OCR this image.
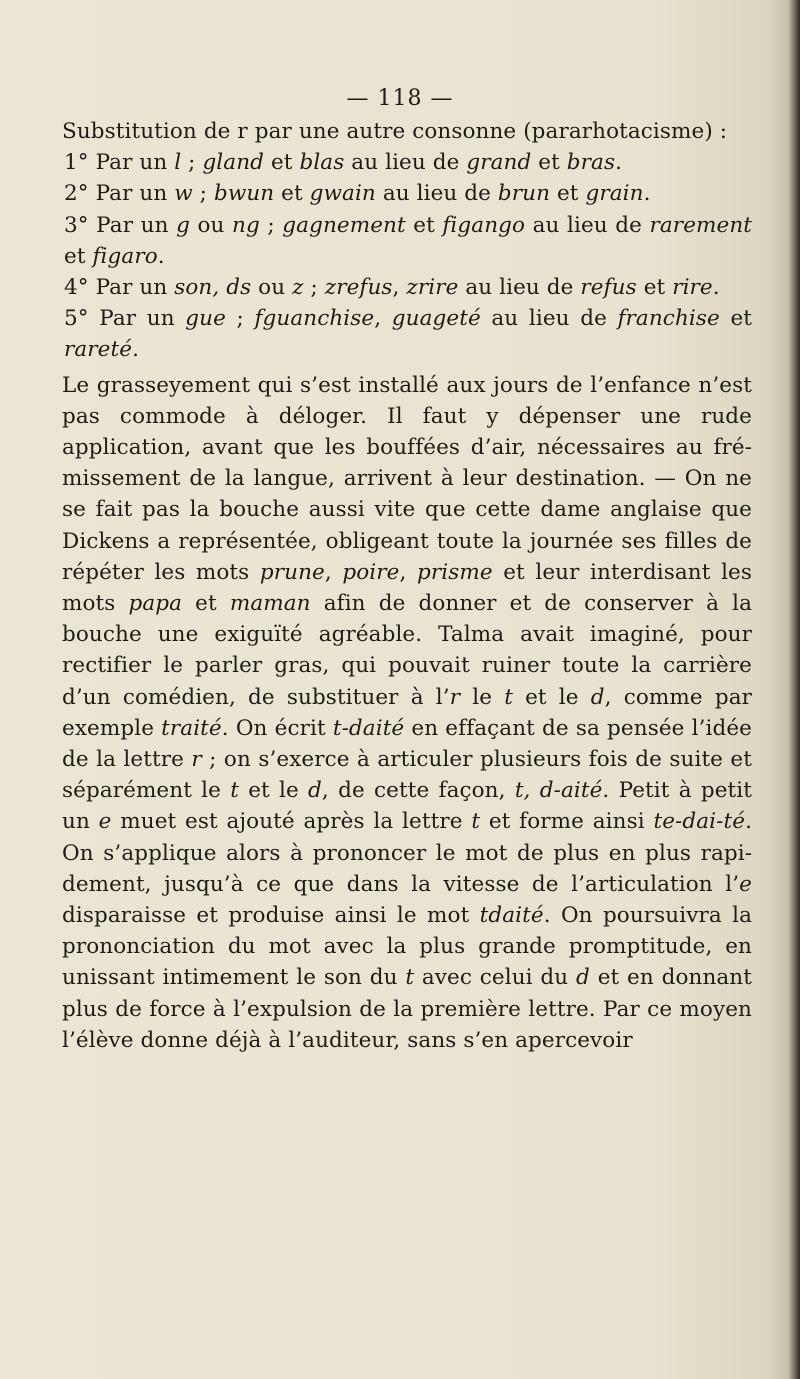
— 118 —

Substitution de r par une autre consonne (pararhotacisme) :

1° Par un l ; gland et blas au lieu de grand et bras.

2° Par un w ; bwun et gwain au lieu de brun et grain.

3° Par un g ou ng ; gagnement et figango au lieu de rarement et figaro.

4° Par un son, ds ou z ; zrefus, zrire au lieu de refus et rire.

5° Par un gue ; fguanchise, guageté au lieu de franchise et rareté.

Le grasseyement qui s’est installé aux jours de l’enfance n’est pas commode à déloger. Il faut y dépenser une rude application, avant que les bouffées d’air, nécessaires au frémissement de la langue, arrivent à leur destination. — On ne se fait pas la bouche aussi vite que cette dame anglaise que Dickens a représentée, obligeant toute la journée ses filles de répéter les mots prune, poire, prisme et leur interdisant les mots papa et maman afin de donner et de conserver à la bouche une exiguïté agréable. Talma avait imaginé, pour rectifier le parler gras, qui pouvait ruiner toute la carrière d’un comédien, de substituer à l’r le t et le d, comme par exemple traité. On écrit t-daité en effaçant de sa pensée l’idée de la lettre r ; on s’exerce à articuler plusieurs fois de suite et séparément le t et le d, de cette façon, t, d-aité. Petit à petit un e muet est ajouté après la lettre t et forme ainsi te-dai-té. On s’applique alors à prononcer le mot de plus en plus rapidement, jusqu’à ce que dans la vitesse de l’articulation l’e disparaisse et produise ainsi le mot tdaité. On poursuivra la prononciation du mot avec la plus grande promptitude, en unissant intimement le son du t avec celui du d et en donnant plus de force à l’expulsion de la première lettre. Par ce moyen l’élève donne déjà à l’auditeur, sans s’en apercevoir
